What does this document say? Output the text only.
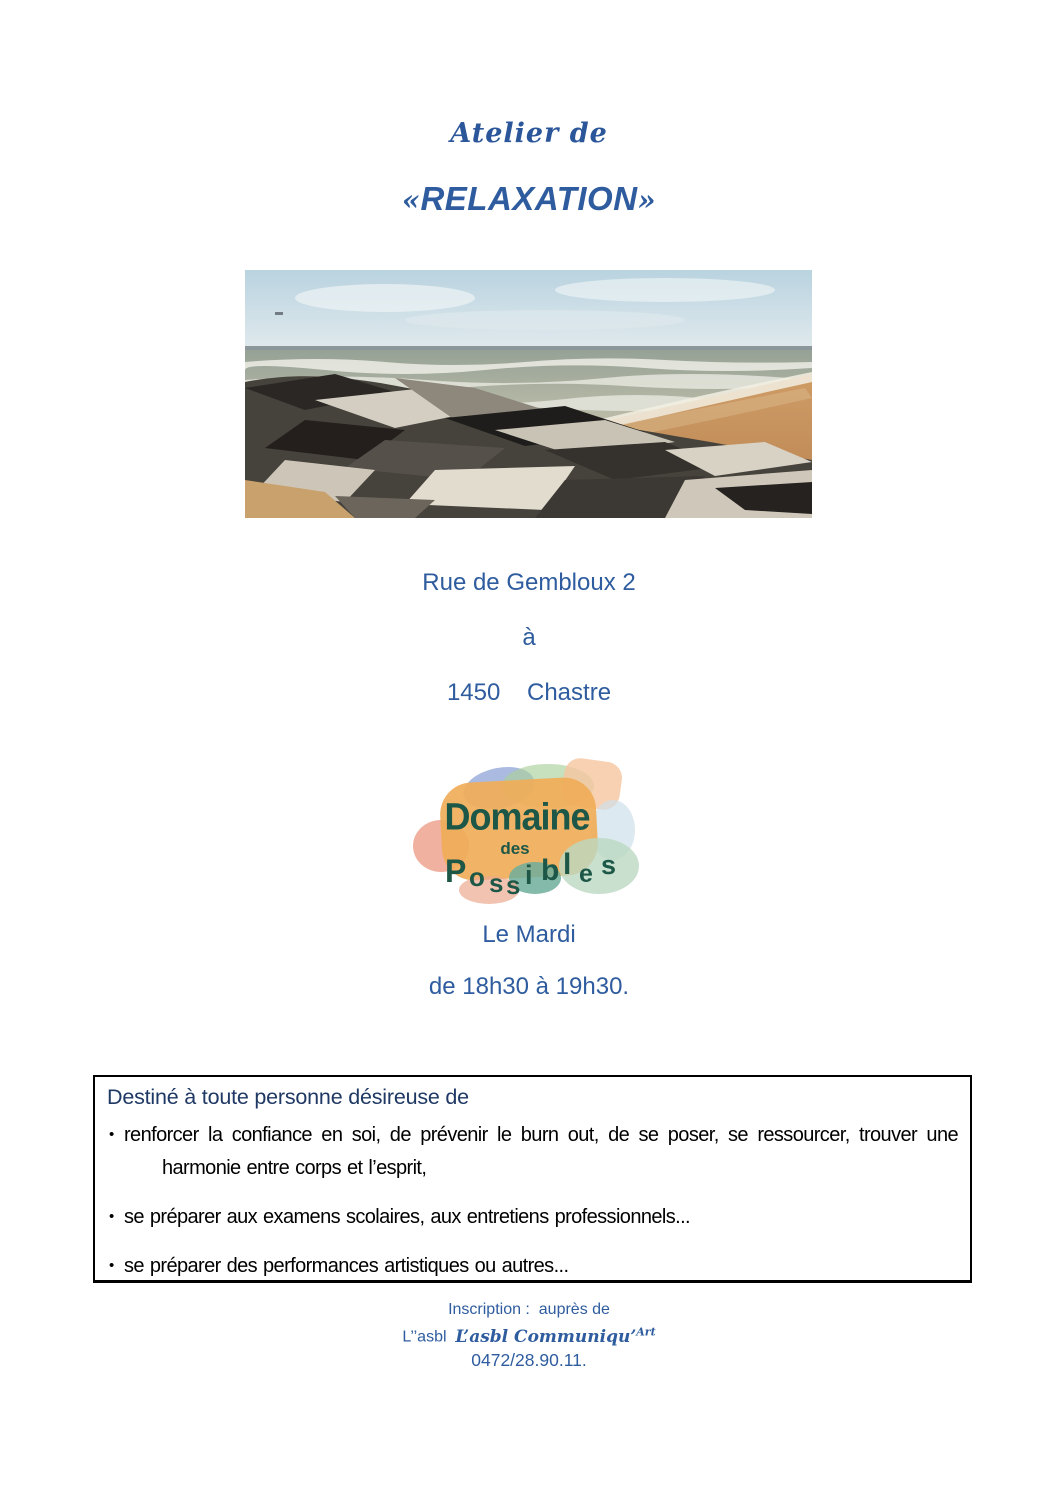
Atelier de
«RELAXATION»
Rue de Gembloux 2
à
1450    Chastre
Domaine
des
P o s s i b l e s
Le Mardi
de 18h30 à 19h30.
Destiné à toute personne désireuse de
• renforcer la confiance en soi, de prévenir le burn out, de se poser, se ressourcer, trouver une
harmonie entre corps et l’esprit,
• se préparer aux examens scolaires, aux entretiens professionnels...
• se préparer des performances artistiques ou autres...
Inscription :  auprès de
L’’asbl  L’asbl Communiqu’$^{Art}$
0472/28.90.11.
